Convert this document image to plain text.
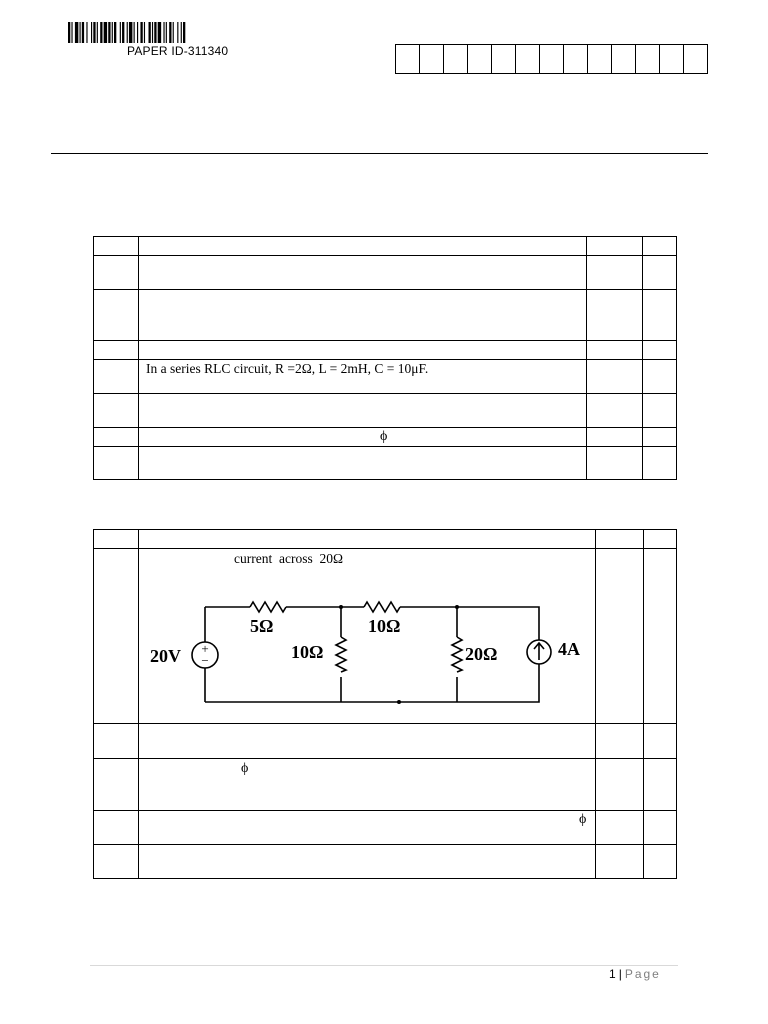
PAPER ID-311340

	In a series RLC circuit, R =2Ω, L = 2mH, C = 10μF.		

	ϕ		

	current  across  20Ω		

	ϕ		

	ϕ		

+
−
20V
5Ω
10Ω
10Ω
20Ω	4A
1 | Page
